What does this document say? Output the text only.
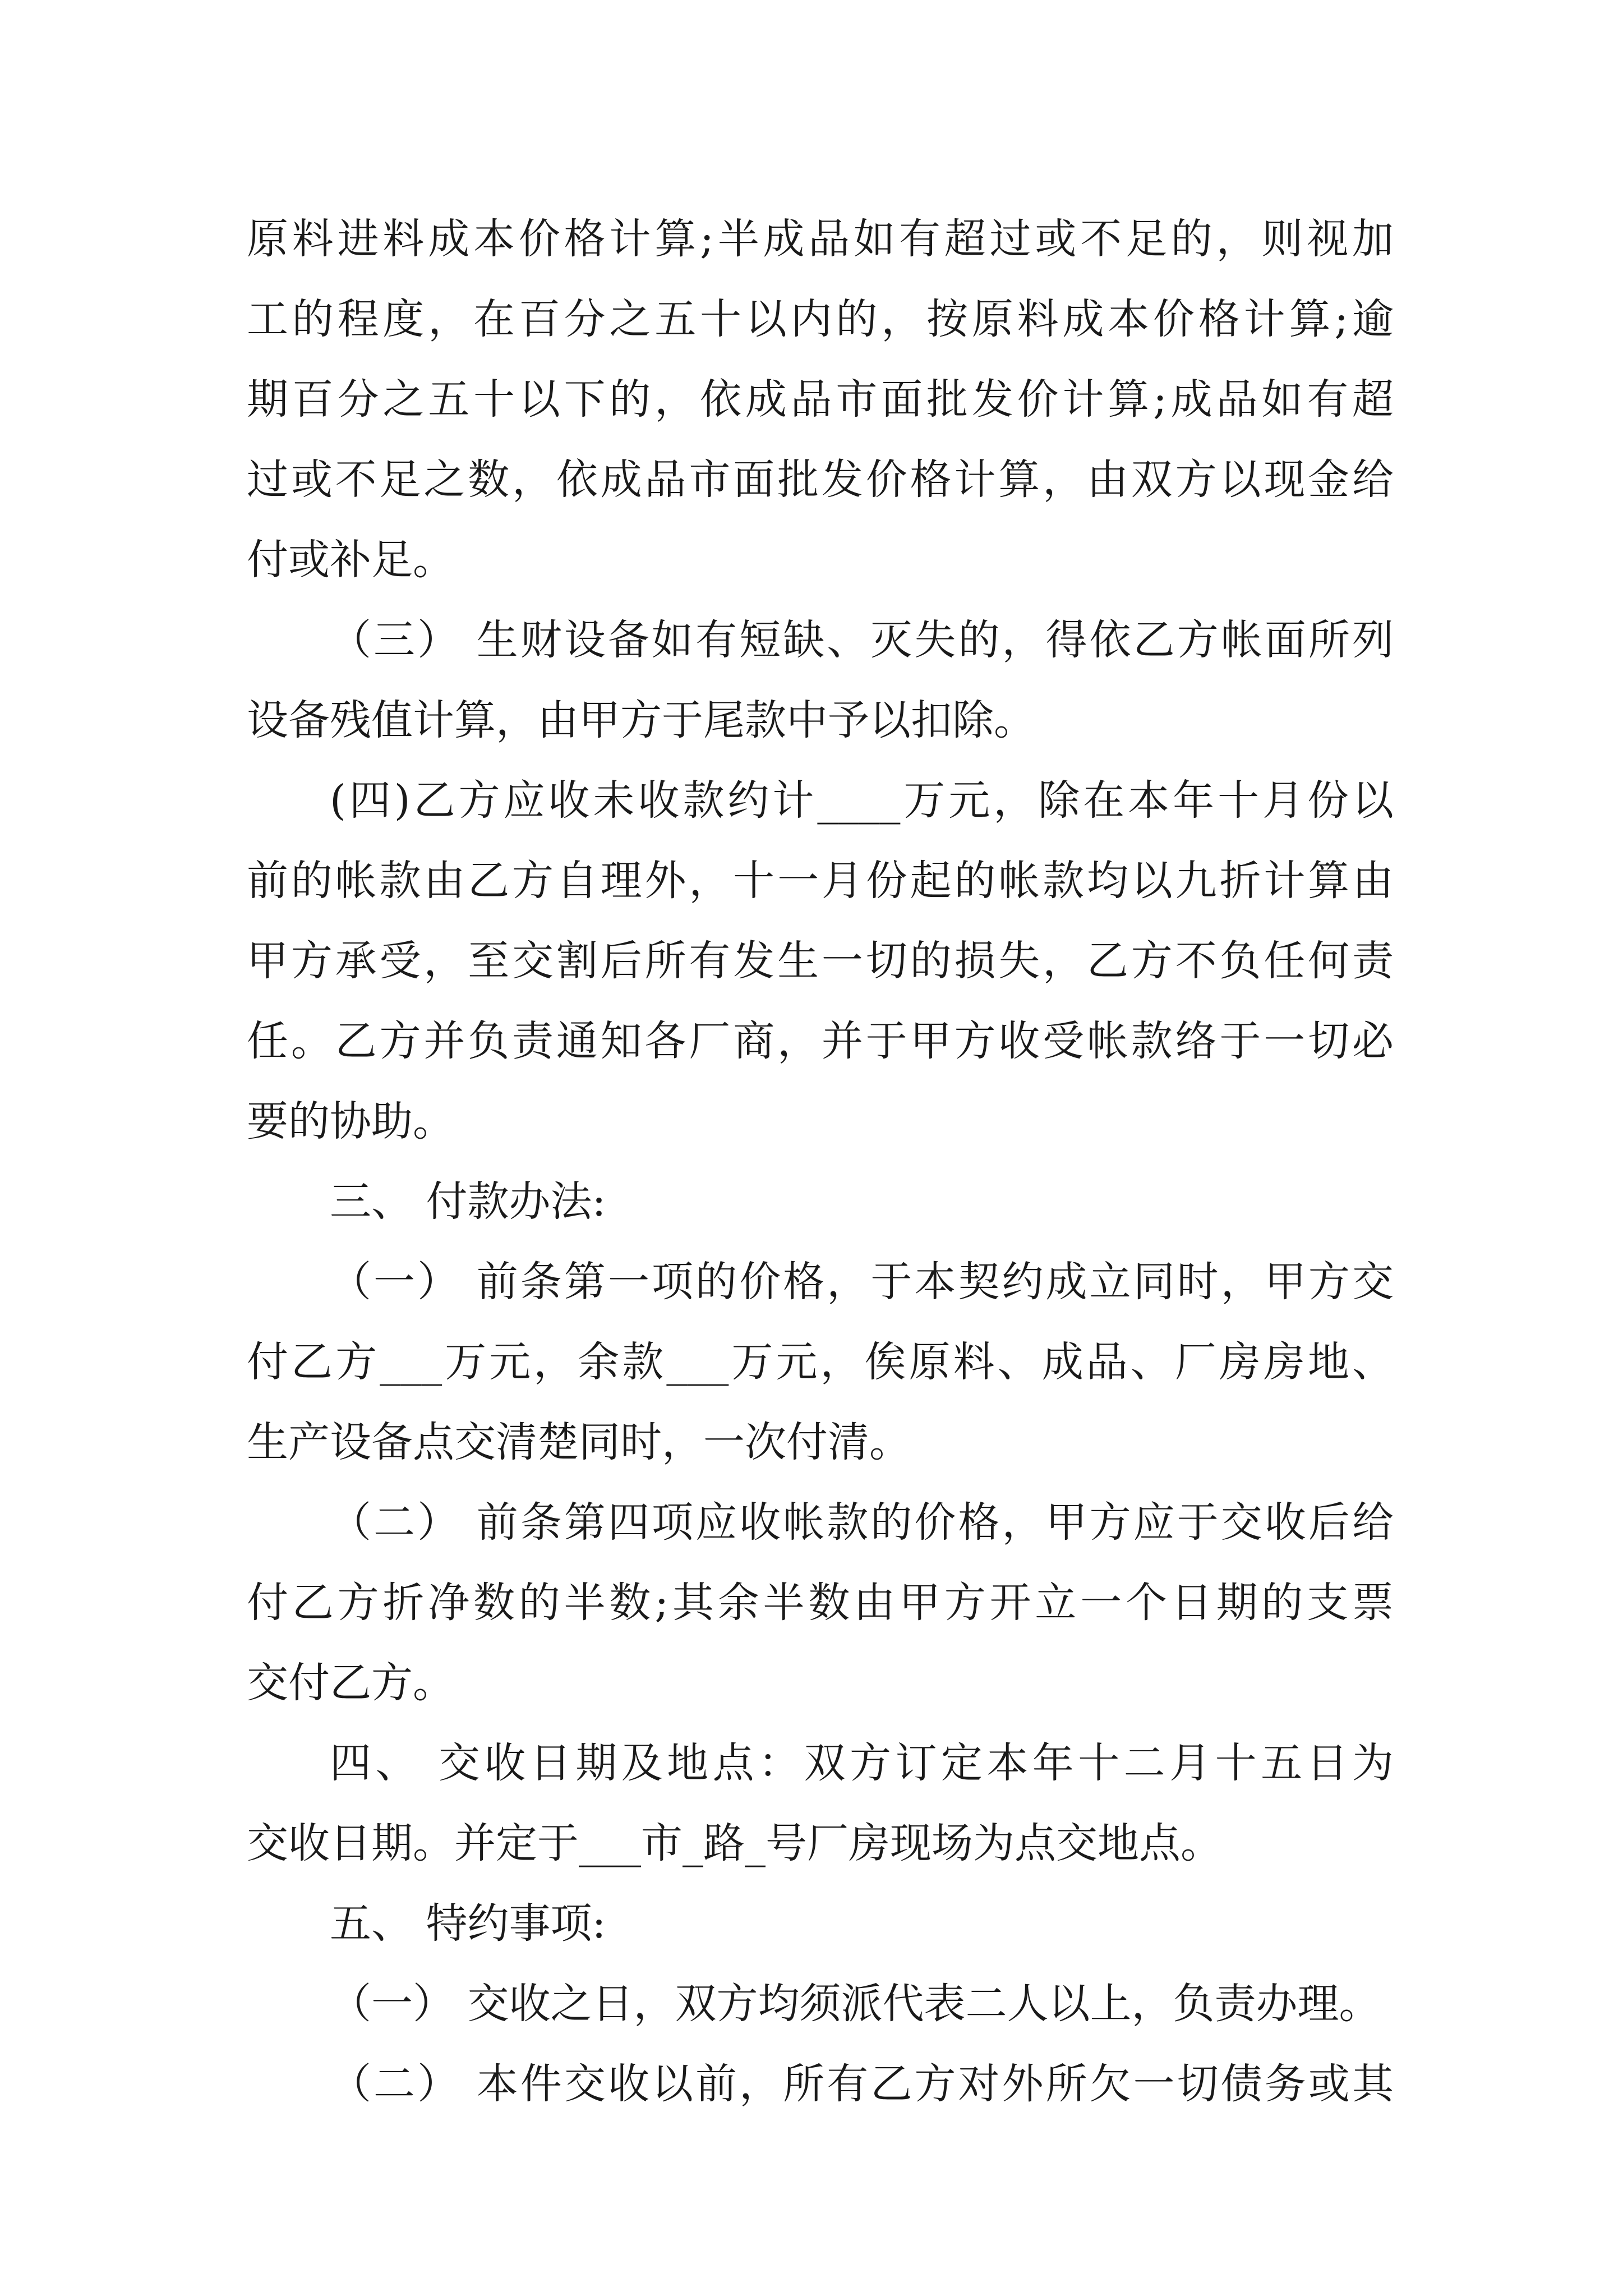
原料进料成本价格计算;半成品如有超过或不足的，则视加
工的程度，在百分之五十以内的，按原料成本价格计算;逾
期百分之五十以下的，依成品市面批发价计算;成品如有超
过或不足之数，依成品市面批发价格计算，由双方以现金给
付或补足。
（三） 生财设备如有短缺、灭失的，得依乙方帐面所列
设备残值计算，由甲方于尾款中予以扣除。
(四)乙方应收未收款约计____万元，除在本年十月份以
前的帐款由乙方自理外，十一月份起的帐款均以九折计算由
甲方承受，至交割后所有发生一切的损失，乙方不负任何责
任。乙方并负责通知各厂商，并于甲方收受帐款络于一切必
要的协助。
三、 付款办法:
（一） 前条第一项的价格，于本契约成立同时，甲方交
付乙方___万元，余款___万元，俟原料、成品、厂房房地、
生产设备点交清楚同时，一次付清。
（二） 前条第四项应收帐款的价格，甲方应于交收后给
付乙方折净数的半数;其余半数由甲方开立一个日期的支票
交付乙方。
四、 交收日期及地点：双方订定本年十二月十五日为
交收日期。并定于___市_路_号厂房现场为点交地点。
五、 特约事项:
（一） 交收之日，双方均须派代表二人以上，负责办理。
（二） 本件交收以前，所有乙方对外所欠一切债务或其
